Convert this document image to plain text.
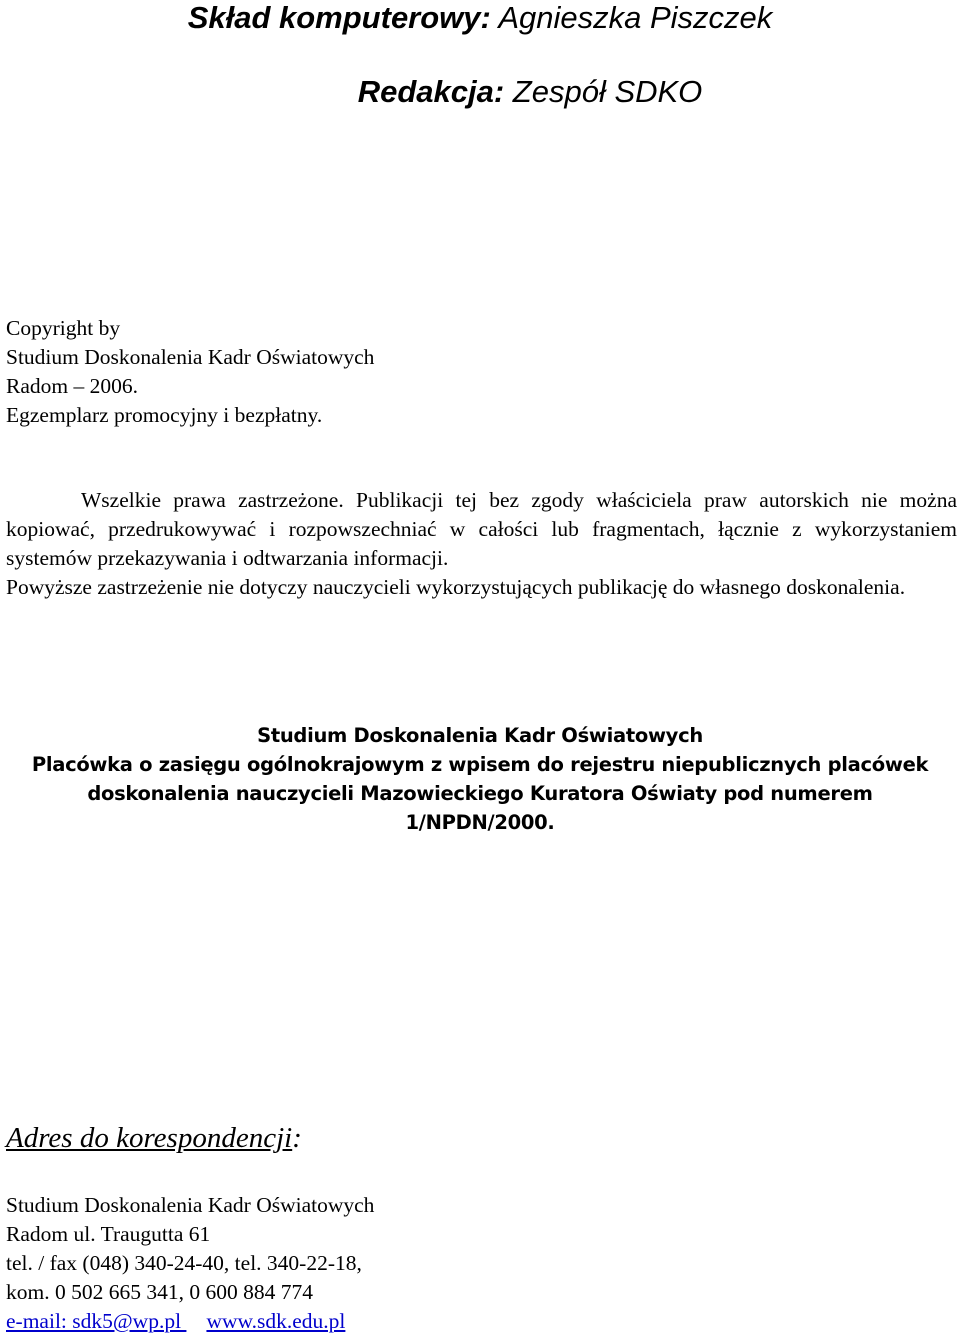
Skład komputerowy: Agnieszka Piszczek
Redakcja: Zespół SDKO
Copyright by
Studium Doskonalenia Kadr Oświatowych
Radom – 2006.
Egzemplarz promocyjny i bezpłatny.

Wszelkie prawa zastrzeżone. Publikacji tej bez zgody właściciela praw autorskich nie można kopiować, przedrukowywać i rozpowszechniać w całości lub fragmentach, łącznie z wykorzystaniem systemów przekazywania i odtwarzania informacji.

Powyższe zastrzeżenie nie dotyczy nauczycieli wykorzystujących publikację do własnego doskonalenia.

Studium Doskonalenia Kadr Oświatowych
Placówka o zasięgu ogólnokrajowym z wpisem do rejestru niepublicznych placówek
doskonalenia nauczycieli Mazowieckiego Kuratora Oświaty pod numerem
1/NPDN/2000.
Adres do korespondencji:
Studium Doskonalenia Kadr Oświatowych
Radom ul. Traugutta 61
tel. / fax (048) 340-24-40, tel. 340-22-18,
kom. 0 502 665 341, 0 600 884 774
e-mail: sdk5@wp.pl www.sdk.edu.pl
